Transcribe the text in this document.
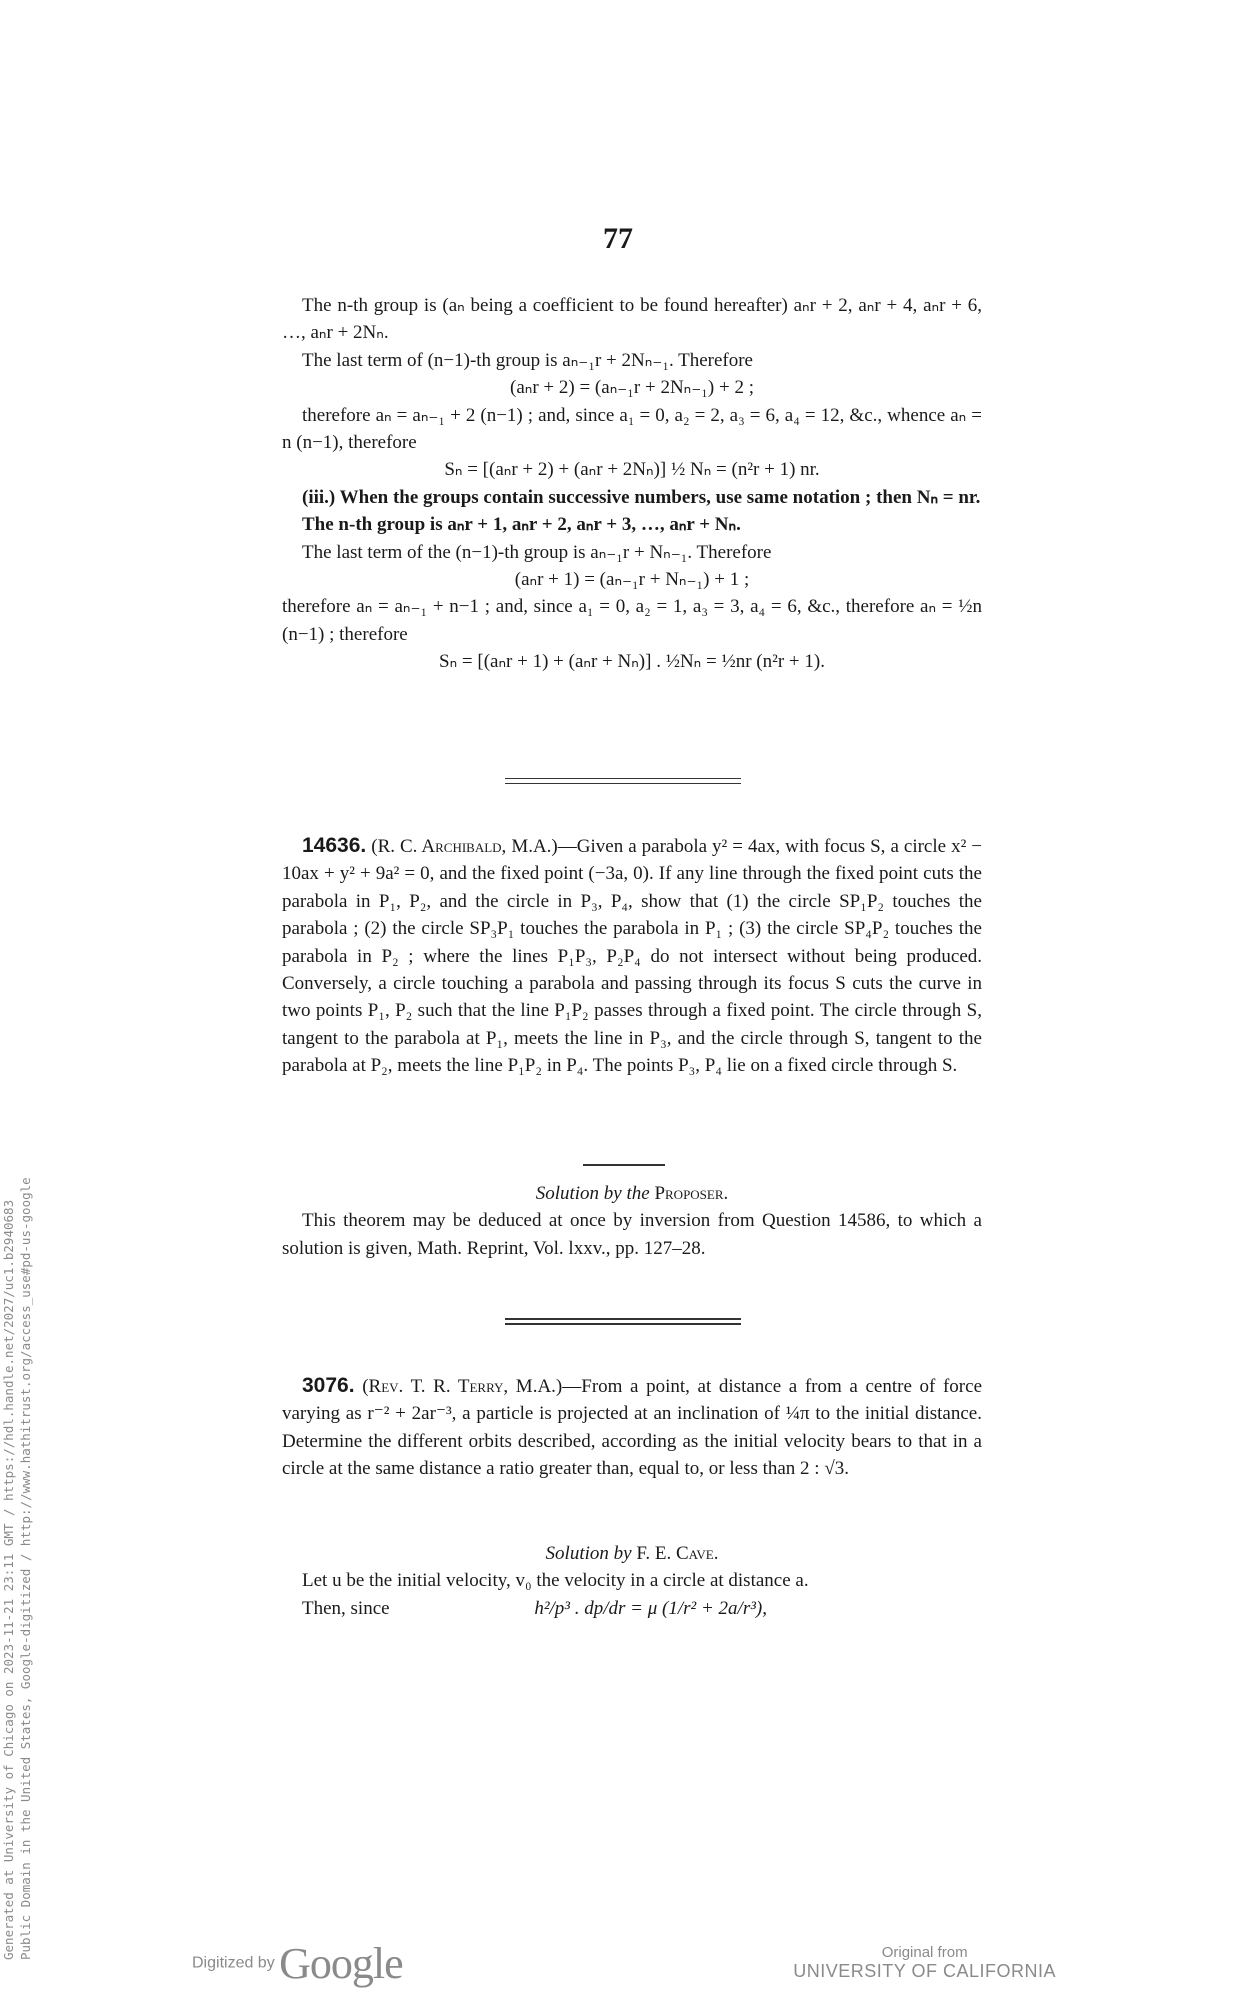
77

The n-th group is (aₙ being a coefficient to be found hereafter) aₙr + 2, aₙr + 4, aₙr + 6, …, aₙr + 2Nₙ.

The last term of (n−1)-th group is aₙ₋₁r + 2Nₙ₋₁. Therefore

(aₙr + 2) = (aₙ₋₁r + 2Nₙ₋₁) + 2 ;

therefore aₙ = aₙ₋₁ + 2 (n−1) ; and, since a₁ = 0, a₂ = 2, a₃ = 6, a₄ = 12, &c., whence aₙ = n (n−1), therefore

Sₙ = [(aₙr + 2) + (aₙr + 2Nₙ)] ½ Nₙ = (n²r + 1) nr.

(iii.) When the groups contain successive numbers, use same notation ; then Nₙ = nr.

The n-th group is aₙr + 1, aₙr + 2, aₙr + 3, …, aₙr + Nₙ.

The last term of the (n−1)-th group is aₙ₋₁r + Nₙ₋₁. Therefore

(aₙr + 1) = (aₙ₋₁r + Nₙ₋₁) + 1 ;

therefore aₙ = aₙ₋₁ + n−1 ; and, since a₁ = 0, a₂ = 1, a₃ = 3, a₄ = 6, &c., therefore aₙ = ½n (n−1) ; therefore

Sₙ = [(aₙr + 1) + (aₙr + Nₙ)] . ½Nₙ = ½nr (n²r + 1).

14636. (R. C. Archibald, M.A.)—Given a parabola y² = 4ax, with focus S, a circle x² − 10ax + y² + 9a² = 0, and the fixed point (−3a, 0). If any line through the fixed point cuts the parabola in P₁, P₂, and the circle in P₃, P₄, show that (1) the circle SP₁P₂ touches the parabola ; (2) the circle SP₃P₁ touches the parabola in P₁ ; (3) the circle SP₄P₂ touches the parabola in P₂ ; where the lines P₁P₃, P₂P₄ do not intersect without being produced. Conversely, a circle touching a parabola and passing through its focus S cuts the curve in two points P₁, P₂ such that the line P₁P₂ passes through a fixed point. The circle through S, tangent to the parabola at P₁, meets the line in P₃, and the circle through S, tangent to the parabola at P₂, meets the line P₁P₂ in P₄. The points P₃, P₄ lie on a fixed circle through S.

Solution by the Proposer.

This theorem may be deduced at once by inversion from Question 14586, to which a solution is given, Math. Reprint, Vol. lxxv., pp. 127–28.

3076. (Rev. T. R. Terry, M.A.)—From a point, at distance a from a centre of force varying as r⁻² + 2ar⁻³, a particle is projected at an inclination of ¼π to the initial distance. Determine the different orbits described, according as the initial velocity bears to that in a circle at the same distance a ratio greater than, equal to, or less than 2 : √3.

Solution by F. E. Cave.

Let u be the initial velocity, v₀ the velocity in a circle at distance a.

Then, since	h²/p³ . dp/dr = μ (1/r² + 2a/r³),

Generated at University of Chicago on 2023-11-21 23:11 GMT / https://hdl.handle.net/2027/uc1.b2940683 Public Domain in the United States, Google-digitized / http://www.hathitrust.org/access_use#pd-us-google
Digitized by Google	Original from
UNIVERSITY OF CALIFORNIA
